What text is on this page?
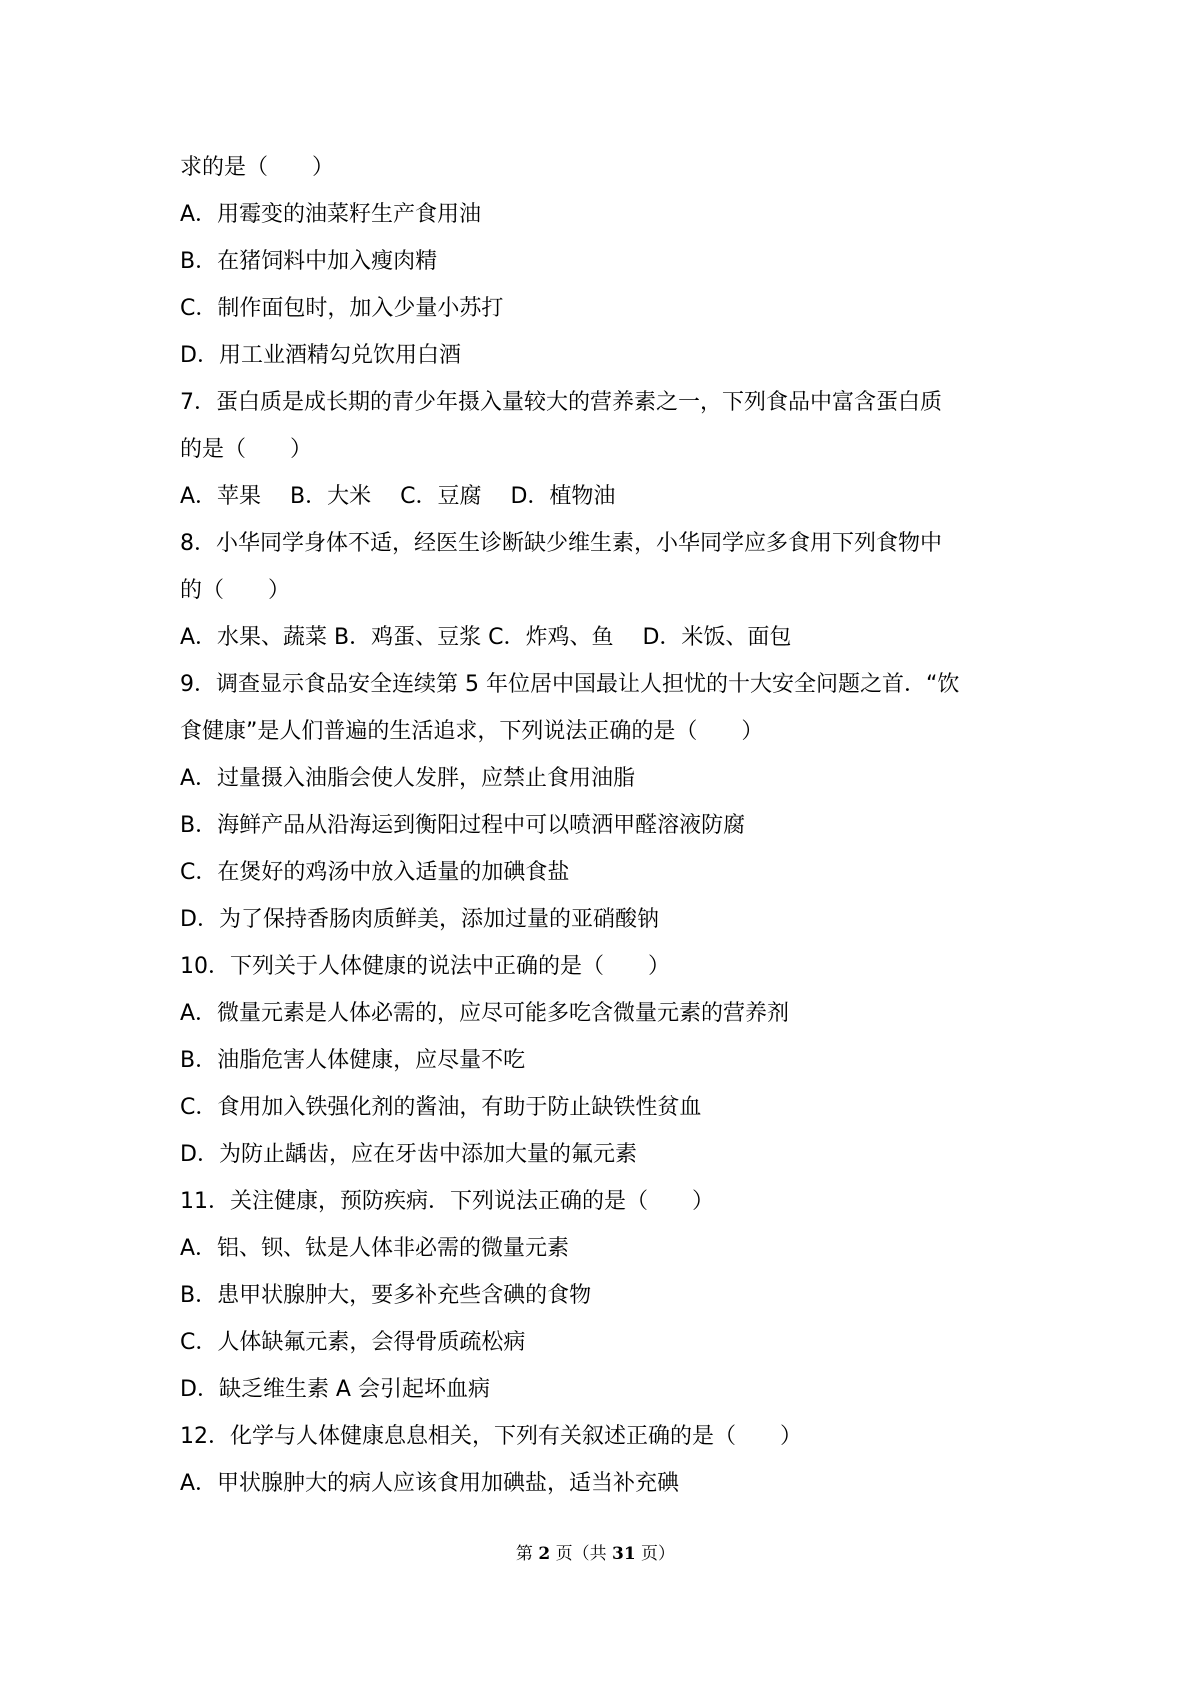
求的是（　　）
A．用霉变的油菜籽生产食用油
B．在猪饲料中加入瘦肉精
C．制作面包时，加入少量小苏打
D．用工业酒精勾兑饮用白酒
7．蛋白质是成长期的青少年摄入量较大的营养素之一，下列食品中富含蛋白质
的是（　　）
A．苹果　 B．大米　 C．豆腐　 D．植物油
8．小华同学身体不适，经医生诊断缺少维生素，小华同学应多食用下列食物中
的（　　）
A．水果、蔬菜 B．鸡蛋、豆浆 C．炸鸡、鱼　 D．米饭、面包
9．调查显示食品安全连续第 5 年位居中国最让人担忧的十大安全问题之首．“饮
食健康”是人们普遍的生活追求，下列说法正确的是（　　）
A．过量摄入油脂会使人发胖，应禁止食用油脂
B．海鲜产品从沿海运到衡阳过程中可以喷洒甲醛溶液防腐
C．在煲好的鸡汤中放入适量的加碘食盐
D．为了保持香肠肉质鲜美，添加过量的亚硝酸钠
10．下列关于人体健康的说法中正确的是（　　）
A．微量元素是人体必需的，应尽可能多吃含微量元素的营养剂
B．油脂危害人体健康，应尽量不吃
C．食用加入铁强化剂的酱油，有助于防止缺铁性贫血
D．为防止龋齿，应在牙齿中添加大量的氟元素
11．关注健康，预防疾病．下列说法正确的是（　　）
A．铝、钡、钛是人体非必需的微量元素
B．患甲状腺肿大，要多补充些含碘的食物
C．人体缺氟元素，会得骨质疏松病
D．缺乏维生素 A 会引起坏血病
12．化学与人体健康息息相关，下列有关叙述正确的是（　　）
A．甲状腺肿大的病人应该食用加碘盐，适当补充碘
第 2 页（共 31 页）
